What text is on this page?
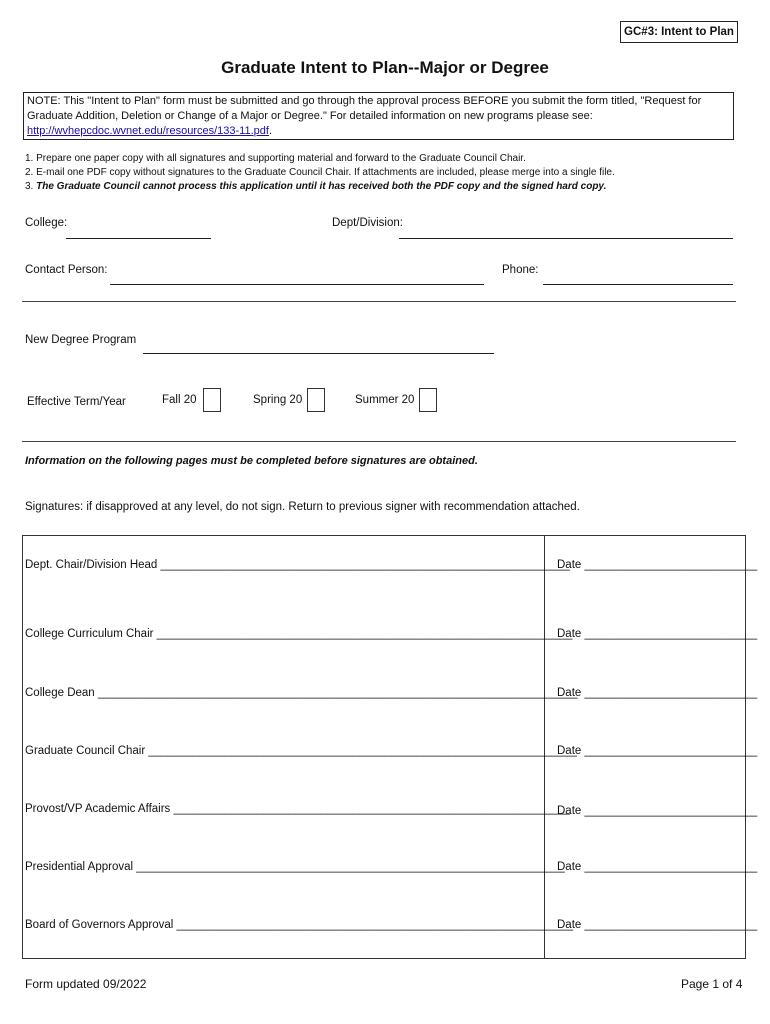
GC#3: Intent to Plan
Graduate Intent to Plan--Major or Degree
NOTE: This "Intent to Plan" form must be submitted and go through the approval process BEFORE you submit the form titled, "Request for Graduate Addition, Deletion or Change of a Major or Degree." For detailed information on new programs please see: http://wvhepcdoc.wvnet.edu/resources/133-11.pdf.
1. Prepare one paper copy with all signatures and supporting material and forward to the Graduate Council Chair.
2. E-mail one PDF copy without signatures to the Graduate Council Chair. If attachments are included, please merge into a single file.
3. The Graduate Council cannot process this application until it has received both the PDF copy and the signed hard copy.
College:	Dept/Division:
Contact Person:	Phone:
New Degree Program
Effective Term/Year	Fall 20	Spring 20	Summer 20
Information on the following pages must be completed before signatures are obtained.
Signatures: if disapproved at any level, do not sign. Return to previous signer with recommendation attached.
Dept. Chair/Division Head ________________________________________________________________
Date ___________________________
College Curriculum Chair _________________________________________________________________
Date ___________________________
College Dean ___________________________________________________________________________
Date ___________________________
Graduate Council Chair ___________________________________________________________________
Date ___________________________
Provost/VP Academic Affairs ______________________________________________________________
Date ___________________________
Presidential Approval ___________________________________________________________________
Date ___________________________
Board of Governors Approval ______________________________________________________________
Date ___________________________
Form updated 09/2022	Page 1 of 4
